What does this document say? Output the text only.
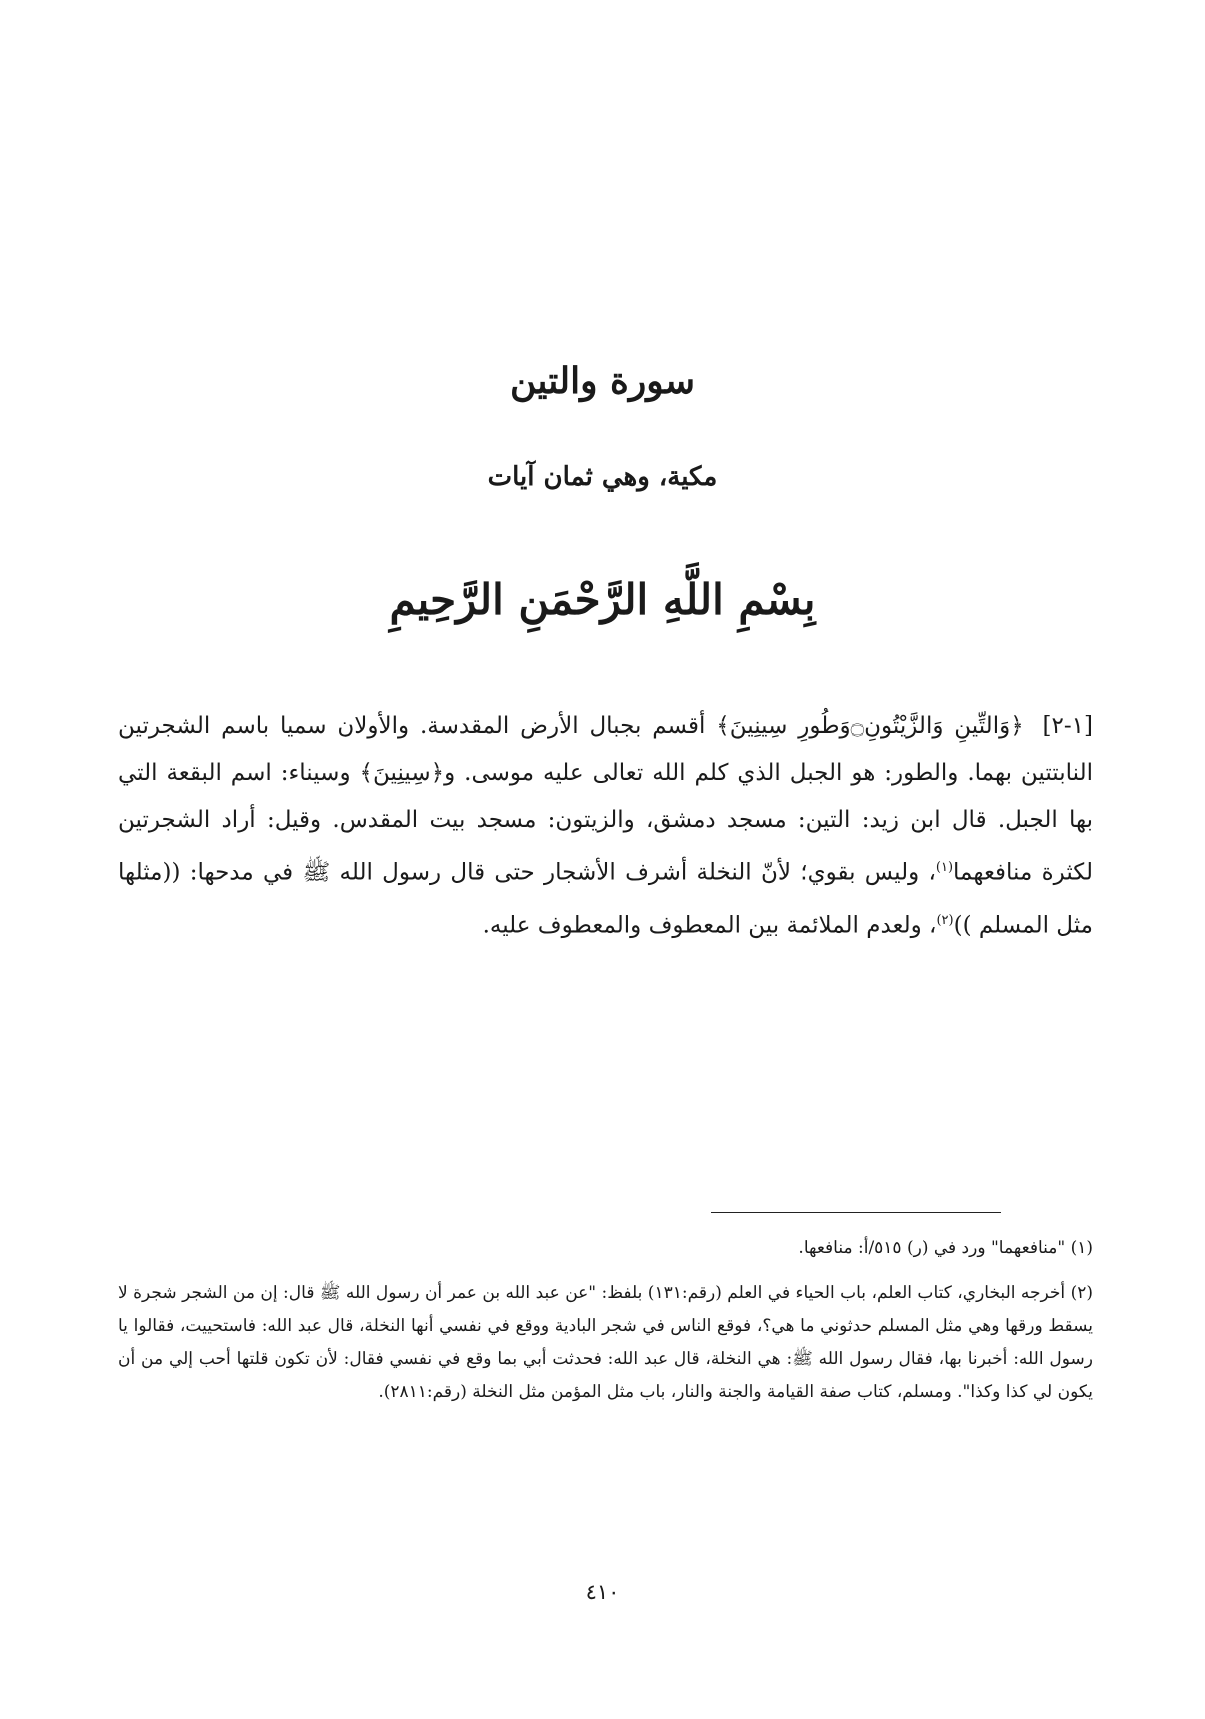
سورة والتين
مكية، وهي ثمان آيات
بِسْمِ اللَّهِ الرَّحْمَنِ الرَّحِيمِ
[١-٢] ﴿وَالتِّينِ وَالزَّيْتُونِ۝وَطُورِ سِينِينَ﴾ أقسم بجبال الأرض المقدسة. والأولان سميا باسم الشجرتين النابتتين بهما. والطور: هو الجبل الذي كلم الله تعالى عليه موسى. و﴿سِينِينَ﴾ وسيناء: اسم البقعة التي بها الجبل. قال ابن زيد: التين: مسجد دمشق، والزيتون: مسجد بيت المقدس. وقيل: أراد الشجرتين لكثرة منافعهما$^{(١)}$، وليس بقوي؛ لأنّ النخلة أشرف الأشجار حتى قال رسول الله ﷺ في مدحها: ((مثلها مثل المسلم ))$^{(٢)}$، ولعدم الملائمة بين المعطوف والمعطوف عليه.

(١) "منافعهما" ورد في (ر) ٥١٥/أ: منافعها.

(٢) أخرجه البخاري، كتاب العلم، باب الحياء في العلم (رقم:١٣١) بلفظ: "عن عبد الله بن عمر أن رسول الله ﷺ قال: إن من الشجر شجرة لا يسقط ورقها وهي مثل المسلم حدثوني ما هي؟، فوقع الناس في شجر البادية ووقع في نفسي أنها النخلة، قال عبد الله: فاستحييت، فقالوا يا رسول الله: أخبرنا بها، فقال رسول الله ﷺ: هي النخلة، قال عبد الله: فحدثت أبي بما وقع في نفسي فقال: لأن تكون قلتها أحب إلي من أن يكون لي كذا وكذا". ومسلم، كتاب صفة القيامة والجنة والنار، باب مثل المؤمن مثل النخلة (رقم:٢٨١١).

٤١٠
